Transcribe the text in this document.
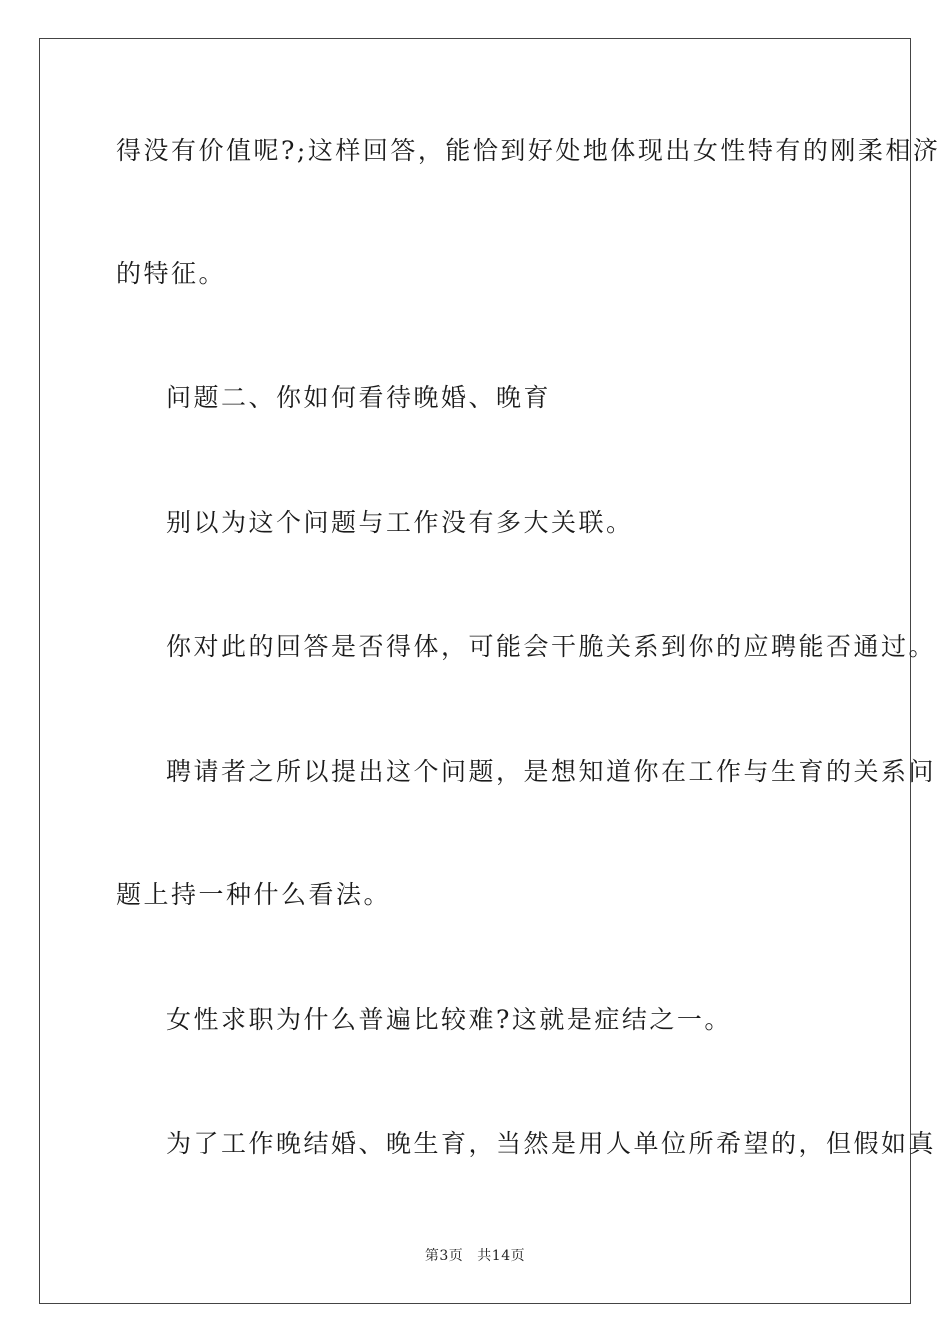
得没有价值呢?;这样回答，能恰到好处地体现出女性特有的刚柔相济
的特征。
问题二、你如何看待晚婚、晚育
别以为这个问题与工作没有多大关联。
你对此的回答是否得体，可能会干脆关系到你的应聘能否通过。
聘请者之所以提出这个问题，是想知道你在工作与生育的关系问
题上持一种什么看法。
女性求职为什么普遍比较难?这就是症结之一。
为了工作晚结婚、晚生育，当然是用人单位所希望的，但假如真
第3页 共14页
